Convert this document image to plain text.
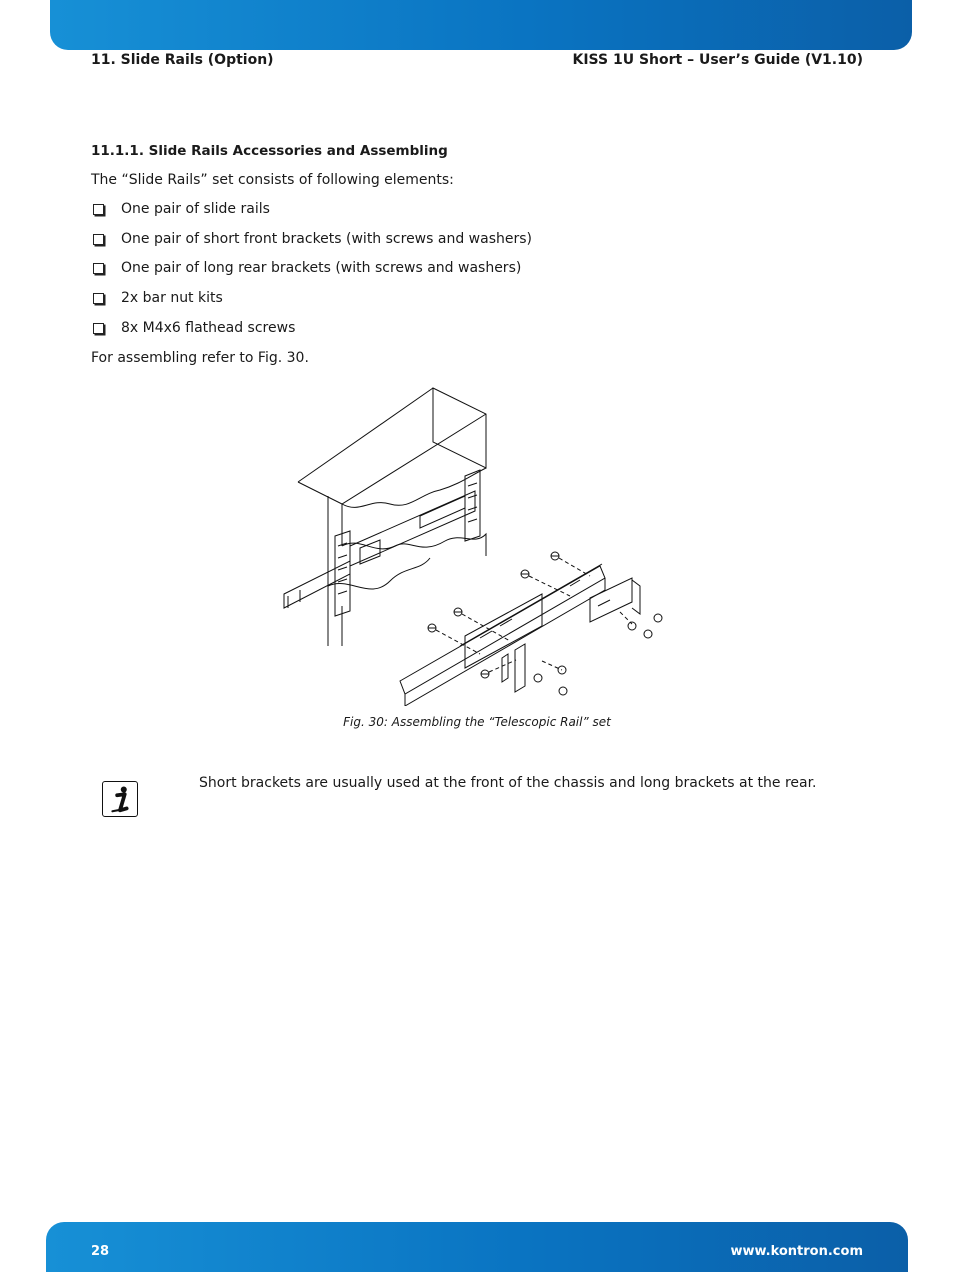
11. Slide Rails (Option)	KISS 1U Short – User’s Guide (V1.10)
11.1.1. Slide Rails Accessories and Assembling
The “Slide Rails” set consists of following elements:
One pair of slide rails
One pair of short front brackets (with screws and washers)
One pair of long rear brackets (with screws and washers)
2x bar nut kits
8x M4x6 flathead screws
For assembling refer to Fig. 30.
Fig. 30: Assembling the “Telescopic Rail” set
Short brackets are usually used at the front of the chassis and long brackets at the rear.
28	www.kontron.com
